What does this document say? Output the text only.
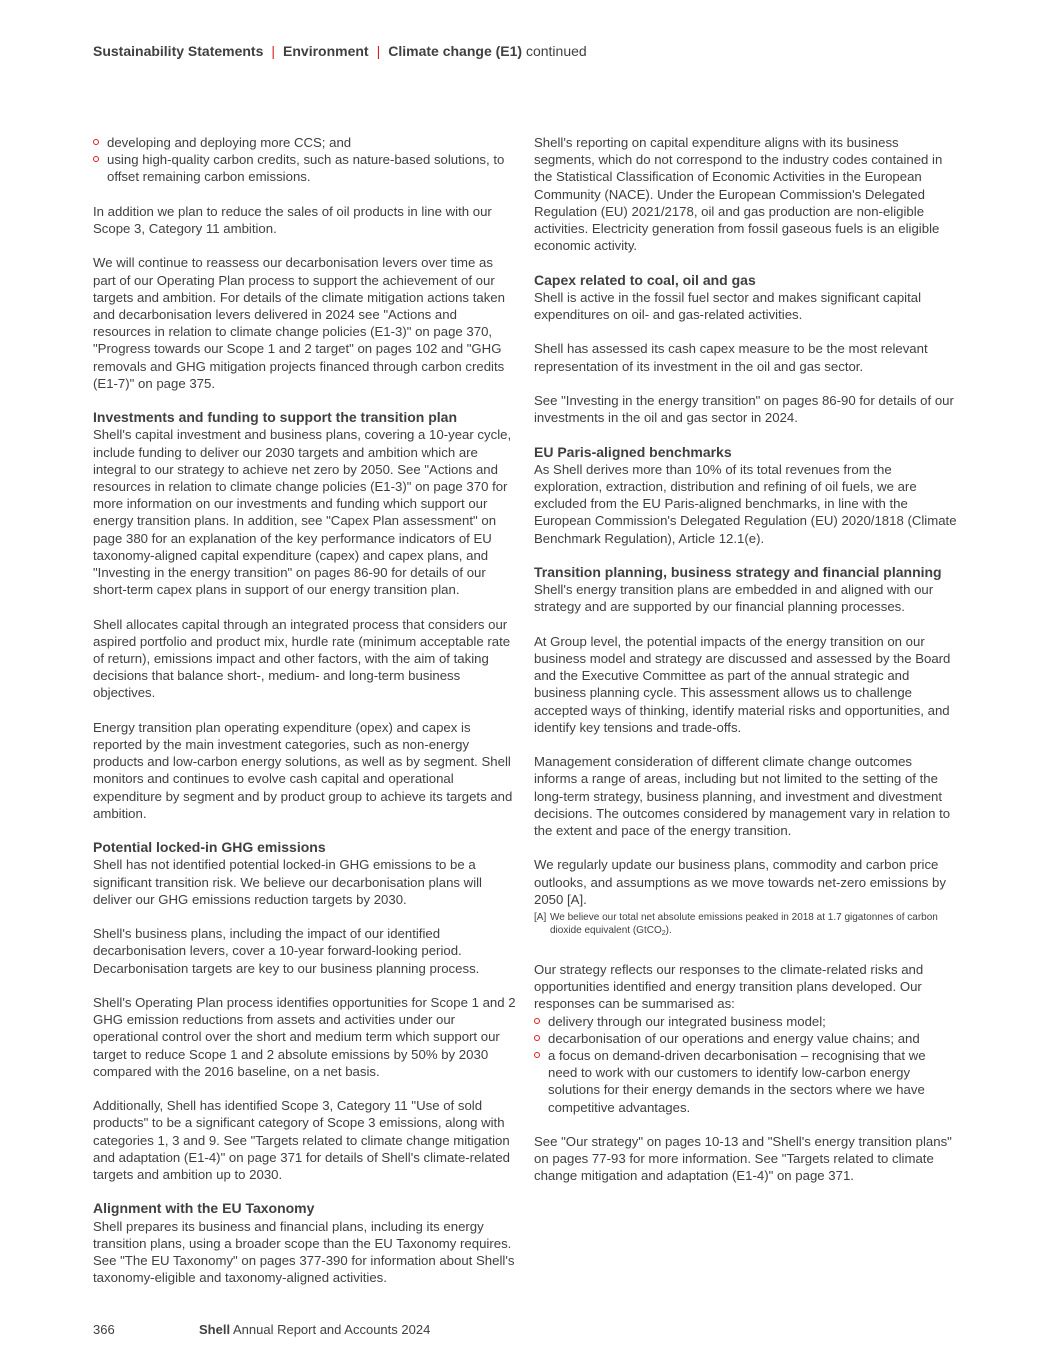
Sustainability Statements | Environment | Climate change (E1) continued
developing and deploying more CCS; and
using high-quality carbon credits, such as nature-based solutions, to offset remaining carbon emissions.

In addition we plan to reduce the sales of oil products in line with our Scope 3, Category 11 ambition.

We will continue to reassess our decarbonisation levers over time as part of our Operating Plan process to support the achievement of our targets and ambition. For details of the climate mitigation actions taken and decarbonisation levers delivered in 2024 see "Actions and resources in relation to climate change policies (E1-3)" on page 370, "Progress towards our Scope 1 and 2 target" on pages 102 and "GHG removals and GHG mitigation projects financed through carbon credits (E1-7)" on page 375.

Investments and funding to support the transition plan

Shell's capital investment and business plans, covering a 10-year cycle, include funding to deliver our 2030 targets and ambition which are integral to our strategy to achieve net zero by 2050. See "Actions and resources in relation to climate change policies (E1-3)" on page 370 for more information on our investments and funding which support our energy transition plans. In addition, see "Capex Plan assessment" on page 380 for an explanation of the key performance indicators of EU taxonomy-aligned capital expenditure (capex) and capex plans, and "Investing in the energy transition" on pages 86-90 for details of our short-term capex plans in support of our energy transition plan.

Shell allocates capital through an integrated process that considers our aspired portfolio and product mix, hurdle rate (minimum acceptable rate of return), emissions impact and other factors, with the aim of taking decisions that balance short-, medium- and long-term business objectives.

Energy transition plan operating expenditure (opex) and capex is reported by the main investment categories, such as non-energy products and low-carbon energy solutions, as well as by segment. Shell monitors and continues to evolve cash capital and operational expenditure by segment and by product group to achieve its targets and ambition.

Potential locked-in GHG emissions

Shell has not identified potential locked-in GHG emissions to be a significant transition risk. We believe our decarbonisation plans will deliver our GHG emissions reduction targets by 2030.

Shell's business plans, including the impact of our identified decarbonisation levers, cover a 10-year forward-looking period. Decarbonisation targets are key to our business planning process.

Shell's Operating Plan process identifies opportunities for Scope 1 and 2 GHG emission reductions from assets and activities under our operational control over the short and medium term which support our target to reduce Scope 1 and 2 absolute emissions by 50% by 2030 compared with the 2016 baseline, on a net basis.

Additionally, Shell has identified Scope 3, Category 11 "Use of sold products" to be a significant category of Scope 3 emissions, along with categories 1, 3 and 9. See "Targets related to climate change mitigation and adaptation (E1-4)" on page 371 for details of Shell's climate-related targets and ambition up to 2030.

Alignment with the EU Taxonomy

Shell prepares its business and financial plans, including its energy transition plans, using a broader scope than the EU Taxonomy requires. See "The EU Taxonomy" on pages 377-390 for information about Shell's taxonomy-eligible and taxonomy-aligned activities.

Shell's reporting on capital expenditure aligns with its business segments, which do not correspond to the industry codes contained in the Statistical Classification of Economic Activities in the European Community (NACE). Under the European Commission's Delegated Regulation (EU) 2021/2178, oil and gas production are non-eligible activities. Electricity generation from fossil gaseous fuels is an eligible economic activity.

Capex related to coal, oil and gas

Shell is active in the fossil fuel sector and makes significant capital expenditures on oil- and gas-related activities.

Shell has assessed its cash capex measure to be the most relevant representation of its investment in the oil and gas sector.

See "Investing in the energy transition" on pages 86-90 for details of our investments in the oil and gas sector in 2024.

EU Paris-aligned benchmarks

As Shell derives more than 10% of its total revenues from the exploration, extraction, distribution and refining of oil fuels, we are excluded from the EU Paris-aligned benchmarks, in line with the European Commission's Delegated Regulation (EU) 2020/1818 (Climate Benchmark Regulation), Article 12.1(e).

Transition planning, business strategy and financial planning

Shell's energy transition plans are embedded in and aligned with our strategy and are supported by our financial planning processes.

At Group level, the potential impacts of the energy transition on our business model and strategy are discussed and assessed by the Board and the Executive Committee as part of the annual strategic and business planning cycle. This assessment allows us to challenge accepted ways of thinking, identify material risks and opportunities, and identify key tensions and trade-offs.

Management consideration of different climate change outcomes informs a range of areas, including but not limited to the setting of the long-term strategy, business planning, and investment and divestment decisions. The outcomes considered by management vary in relation to the extent and pace of the energy transition.

We regularly update our business plans, commodity and carbon price outlooks, and assumptions as we move towards net-zero emissions by 2050 [A].

[A] We believe our total net absolute emissions peaked in 2018 at 1.7 gigatonnes of carbon dioxide equivalent (GtCO$_2$).

Our strategy reflects our responses to the climate-related risks and opportunities identified and energy transition plans developed. Our responses can be summarised as:

delivery through our integrated business model;
decarbonisation of our operations and energy value chains; and
a focus on demand-driven decarbonisation – recognising that we need to work with our customers to identify low-carbon energy solutions for their energy demands in the sectors where we have competitive advantages.

See "Our strategy" on pages 10-13 and "Shell's energy transition plans" on pages 77-93 for more information. See "Targets related to climate change mitigation and adaptation (E1-4)" on page 371.

366	Shell Annual Report and Accounts 2024
